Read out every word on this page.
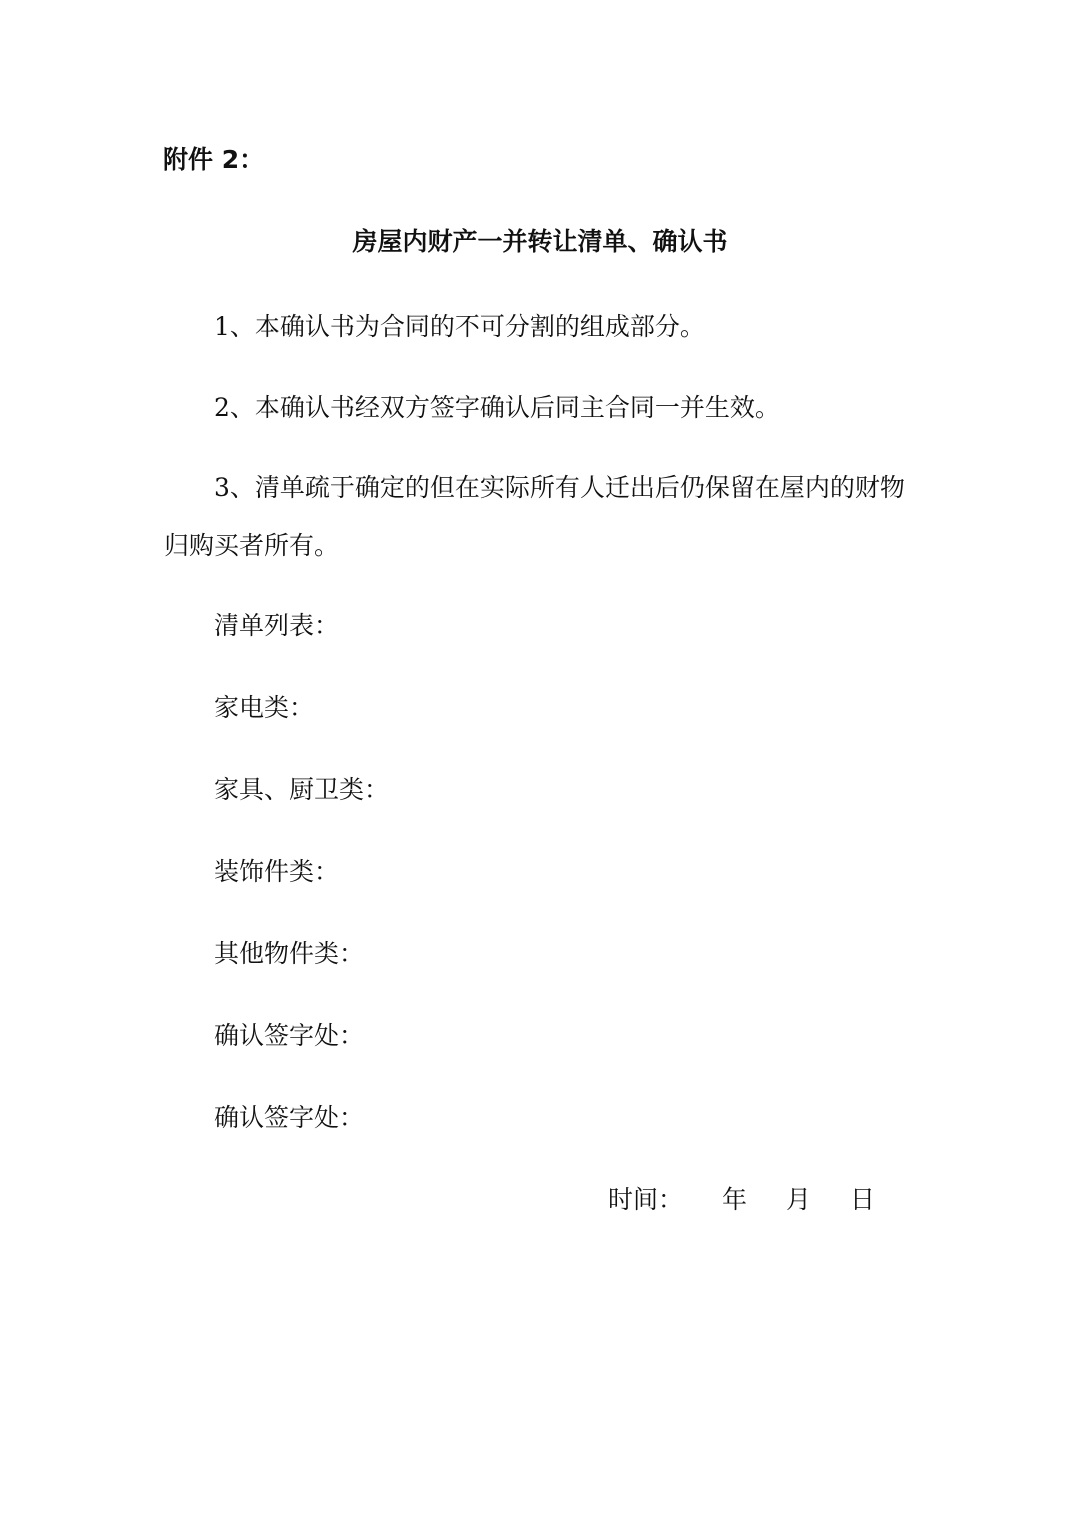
附件 2：
房屋内财产一并转让清单、确认书
1、本确认书为合同的不可分割的组成部分。
2、本确认书经双方签字确认后同主合同一并生效。
3、清单疏于确定的但在实际所有人迁出后仍保留在屋内的财物归购买者所有。
清单列表：
家电类：
家具、厨卫类：
装饰件类：
其他物件类：
确认签字处：
确认签字处：
时间： 年 月 日
